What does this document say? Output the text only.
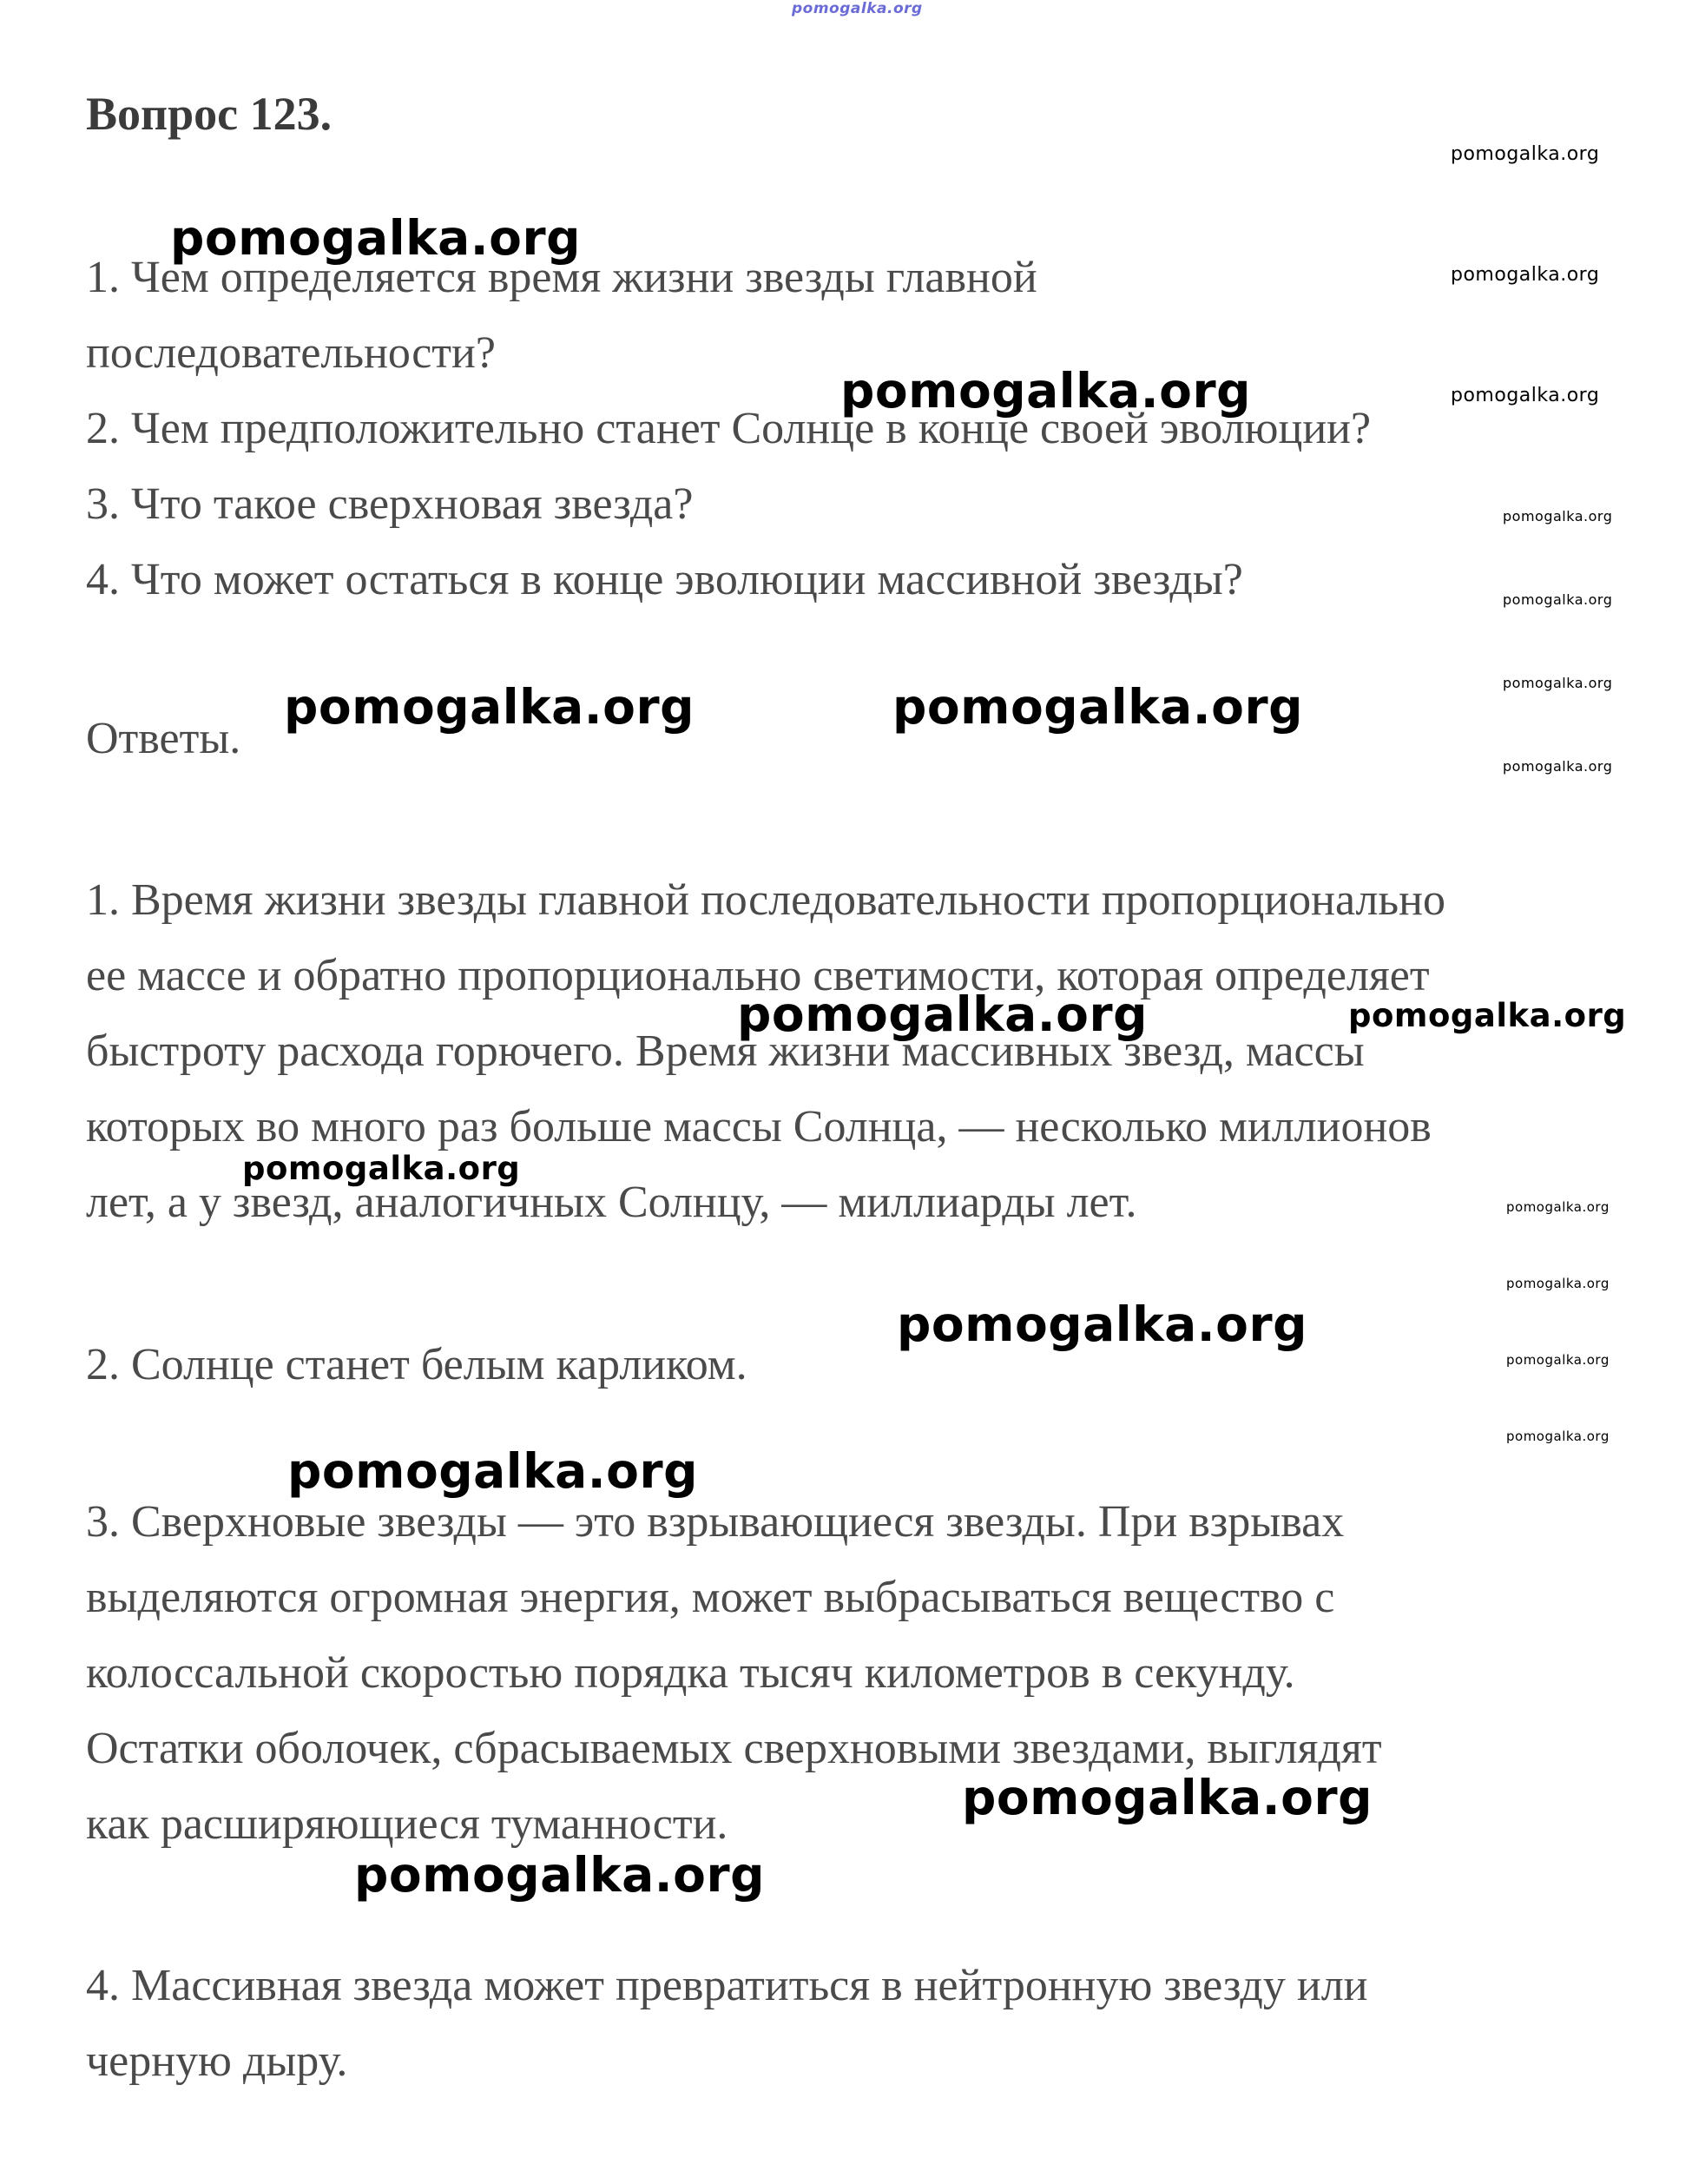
pomogalka.org
Вопрос 123.
1. Чем определяется время жизни звезды главной
последовательности?
2. Чем предположительно станет Солнце в конце своей эволюции?
3. Что такое сверхновая звезда?
4. Что может остаться в конце эволюции массивной звезды?
Ответы.
1. Время жизни звезды главной последовательности пропорционально
ее массе и обратно пропорционально светимости, которая определяет
быстроту расхода горючего. Время жизни массивных звезд, массы
которых во много раз больше массы Солнца, — несколько миллионов
лет, а у звезд, аналогичных Солнцу, — миллиарды лет.
2. Солнце станет белым карликом.
3. Сверхновые звезды — это взрывающиеся звезды. При взрывах
выделяются огромная энергия, может выбрасываться вещество с
колоссальной скоростью порядка тысяч километров в секунду.
Остатки оболочек, сбрасываемых сверхновыми звездами, выглядят
как расширяющиеся туманности.
4. Массивная звезда может превратиться в нейтронную звезду или
черную дыру.
pomogalka.org
pomogalka.org
pomogalka.org	pomogalka.org
pomogalka.org	pomogalka.org
pomogalka.org
pomogalka.org
pomogalka.org
pomogalka.org
pomogalka.org
pomogalka.org
pomogalka.org
pomogalka.org
pomogalka.org
pomogalka.org
pomogalka.org
pomogalka.org
pomogalka.org
pomogalka.org
pomogalka.org
pomogalka.org
